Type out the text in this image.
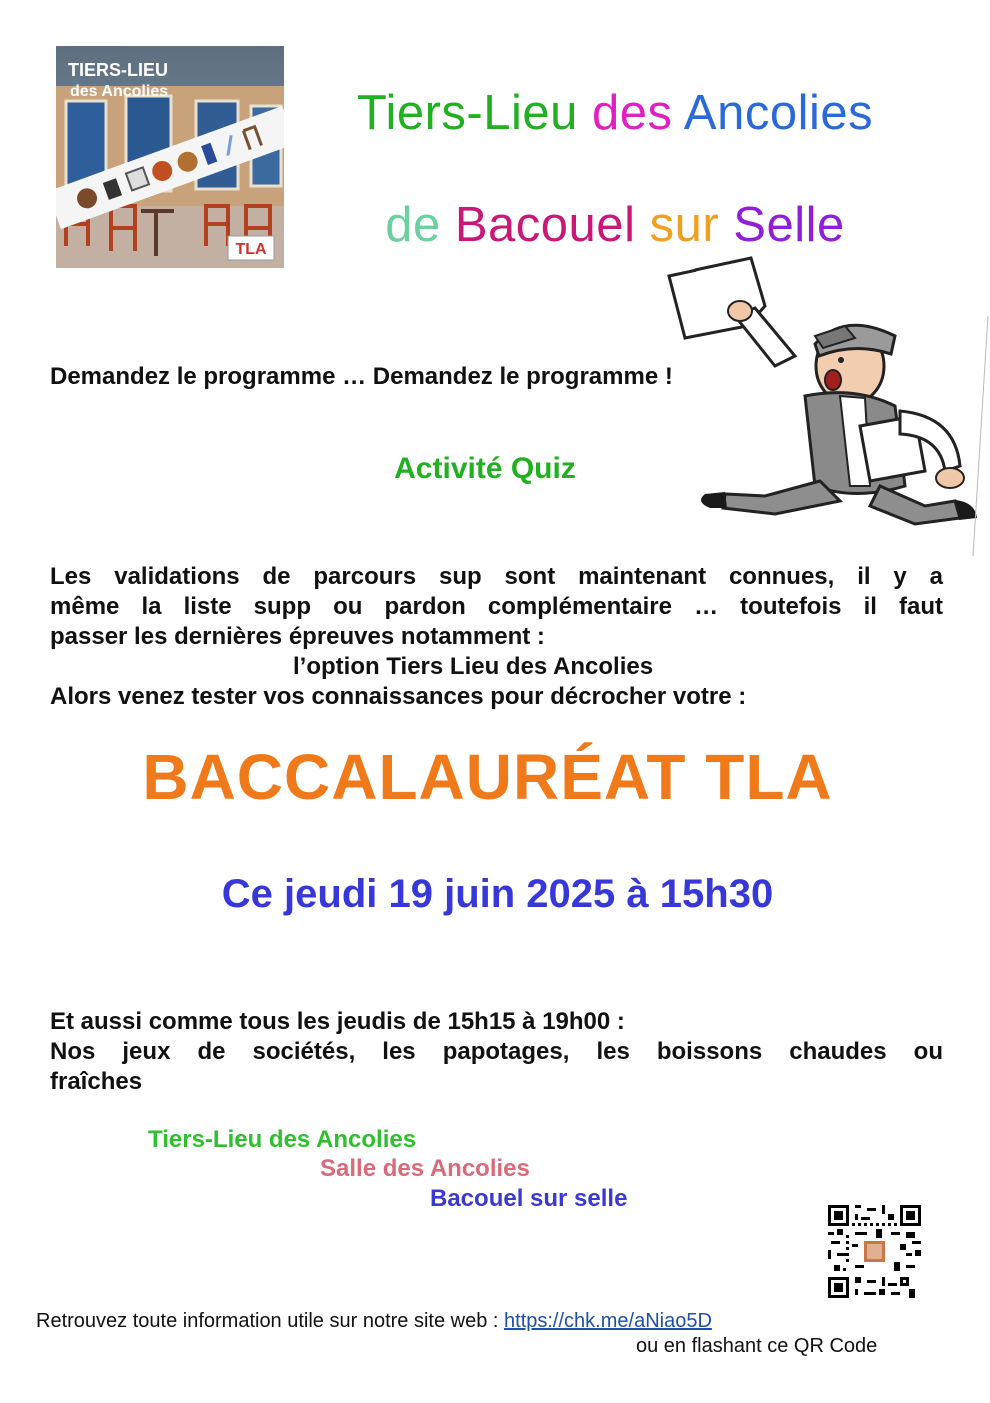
TIERS-LIEU
des Ancolies
TLA
Tiers-Lieu des Ancolies
de Bacouel sur Selle
Demandez le programme … Demandez le programme !
Activité Quiz
Les validations de parcours sup sont maintenant connues, il y a
même la liste supp ou pardon complémentaire … toutefois il faut
passer les dernières épreuves notamment :
l’option Tiers Lieu des Ancolies
Alors venez tester vos connaissances pour décrocher votre :
BACCALAURÉAT TLA
Ce jeudi 19 juin 2025 à 15h30
Et aussi comme tous les jeudis de 15h15 à 19h00 :
Nos jeux de sociétés, les papotages, les boissons chaudes ou
fraîches
Tiers-Lieu des Ancolies
Salle des Ancolies
Bacouel sur selle
Retrouvez toute information utile sur notre site web : https://chk.me/aNiao5D
ou en flashant ce QR Code
